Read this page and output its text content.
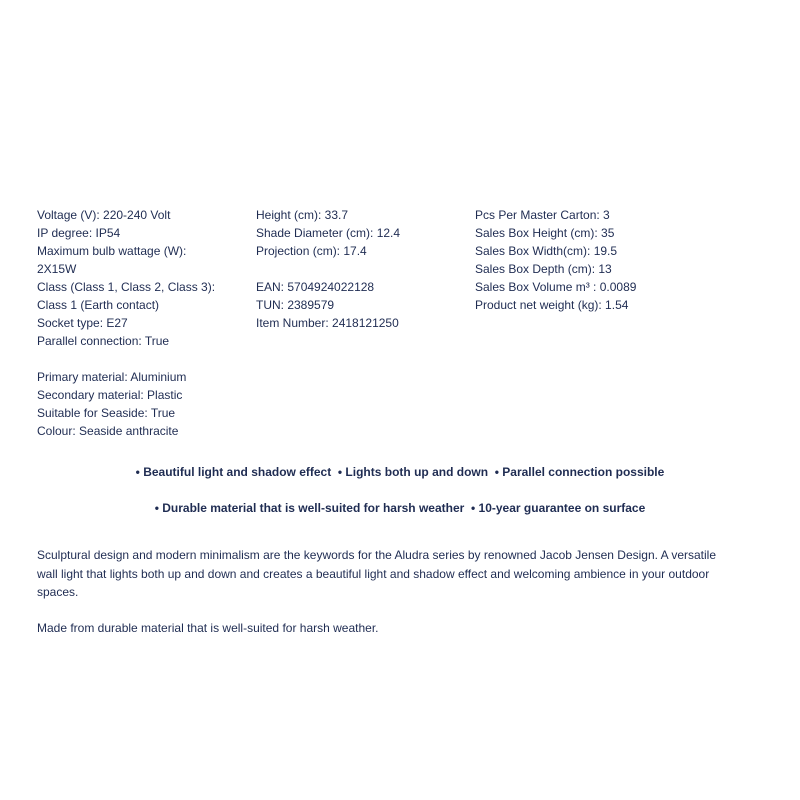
Voltage (V): 220-240 Volt
IP degree: IP54
Maximum bulb wattage (W):
2X15W
Class (Class 1, Class 2, Class 3):
Class 1 (Earth contact)
Socket type: E27
Parallel connection: True
Primary material: Aluminium
Secondary material: Plastic
Suitable for Seaside: True
Colour: Seaside anthracite
Height (cm): 33.7
Shade Diameter (cm): 12.4
Projection (cm): 17.4
EAN: 5704924022128
TUN: 2389579
Item Number: 2418121250
Pcs Per Master Carton: 3
Sales Box Height (cm): 35
Sales Box Width(cm): 19.5
Sales Box Depth (cm): 13
Sales Box Volume m³ : 0.0089
Product net weight (kg): 1.54
• Beautiful light and shadow effect • Lights both up and down • Parallel connection possible
• Durable material that is well-suited for harsh weather • 10-year guarantee on surface
Sculptural design and modern minimalism are the keywords for the Aludra series by renowned Jacob Jensen Design. A versatile wall light that lights both up and down and creates a beautiful light and shadow effect and welcoming ambience in your outdoor spaces.
Made from durable material that is well-suited for harsh weather.
